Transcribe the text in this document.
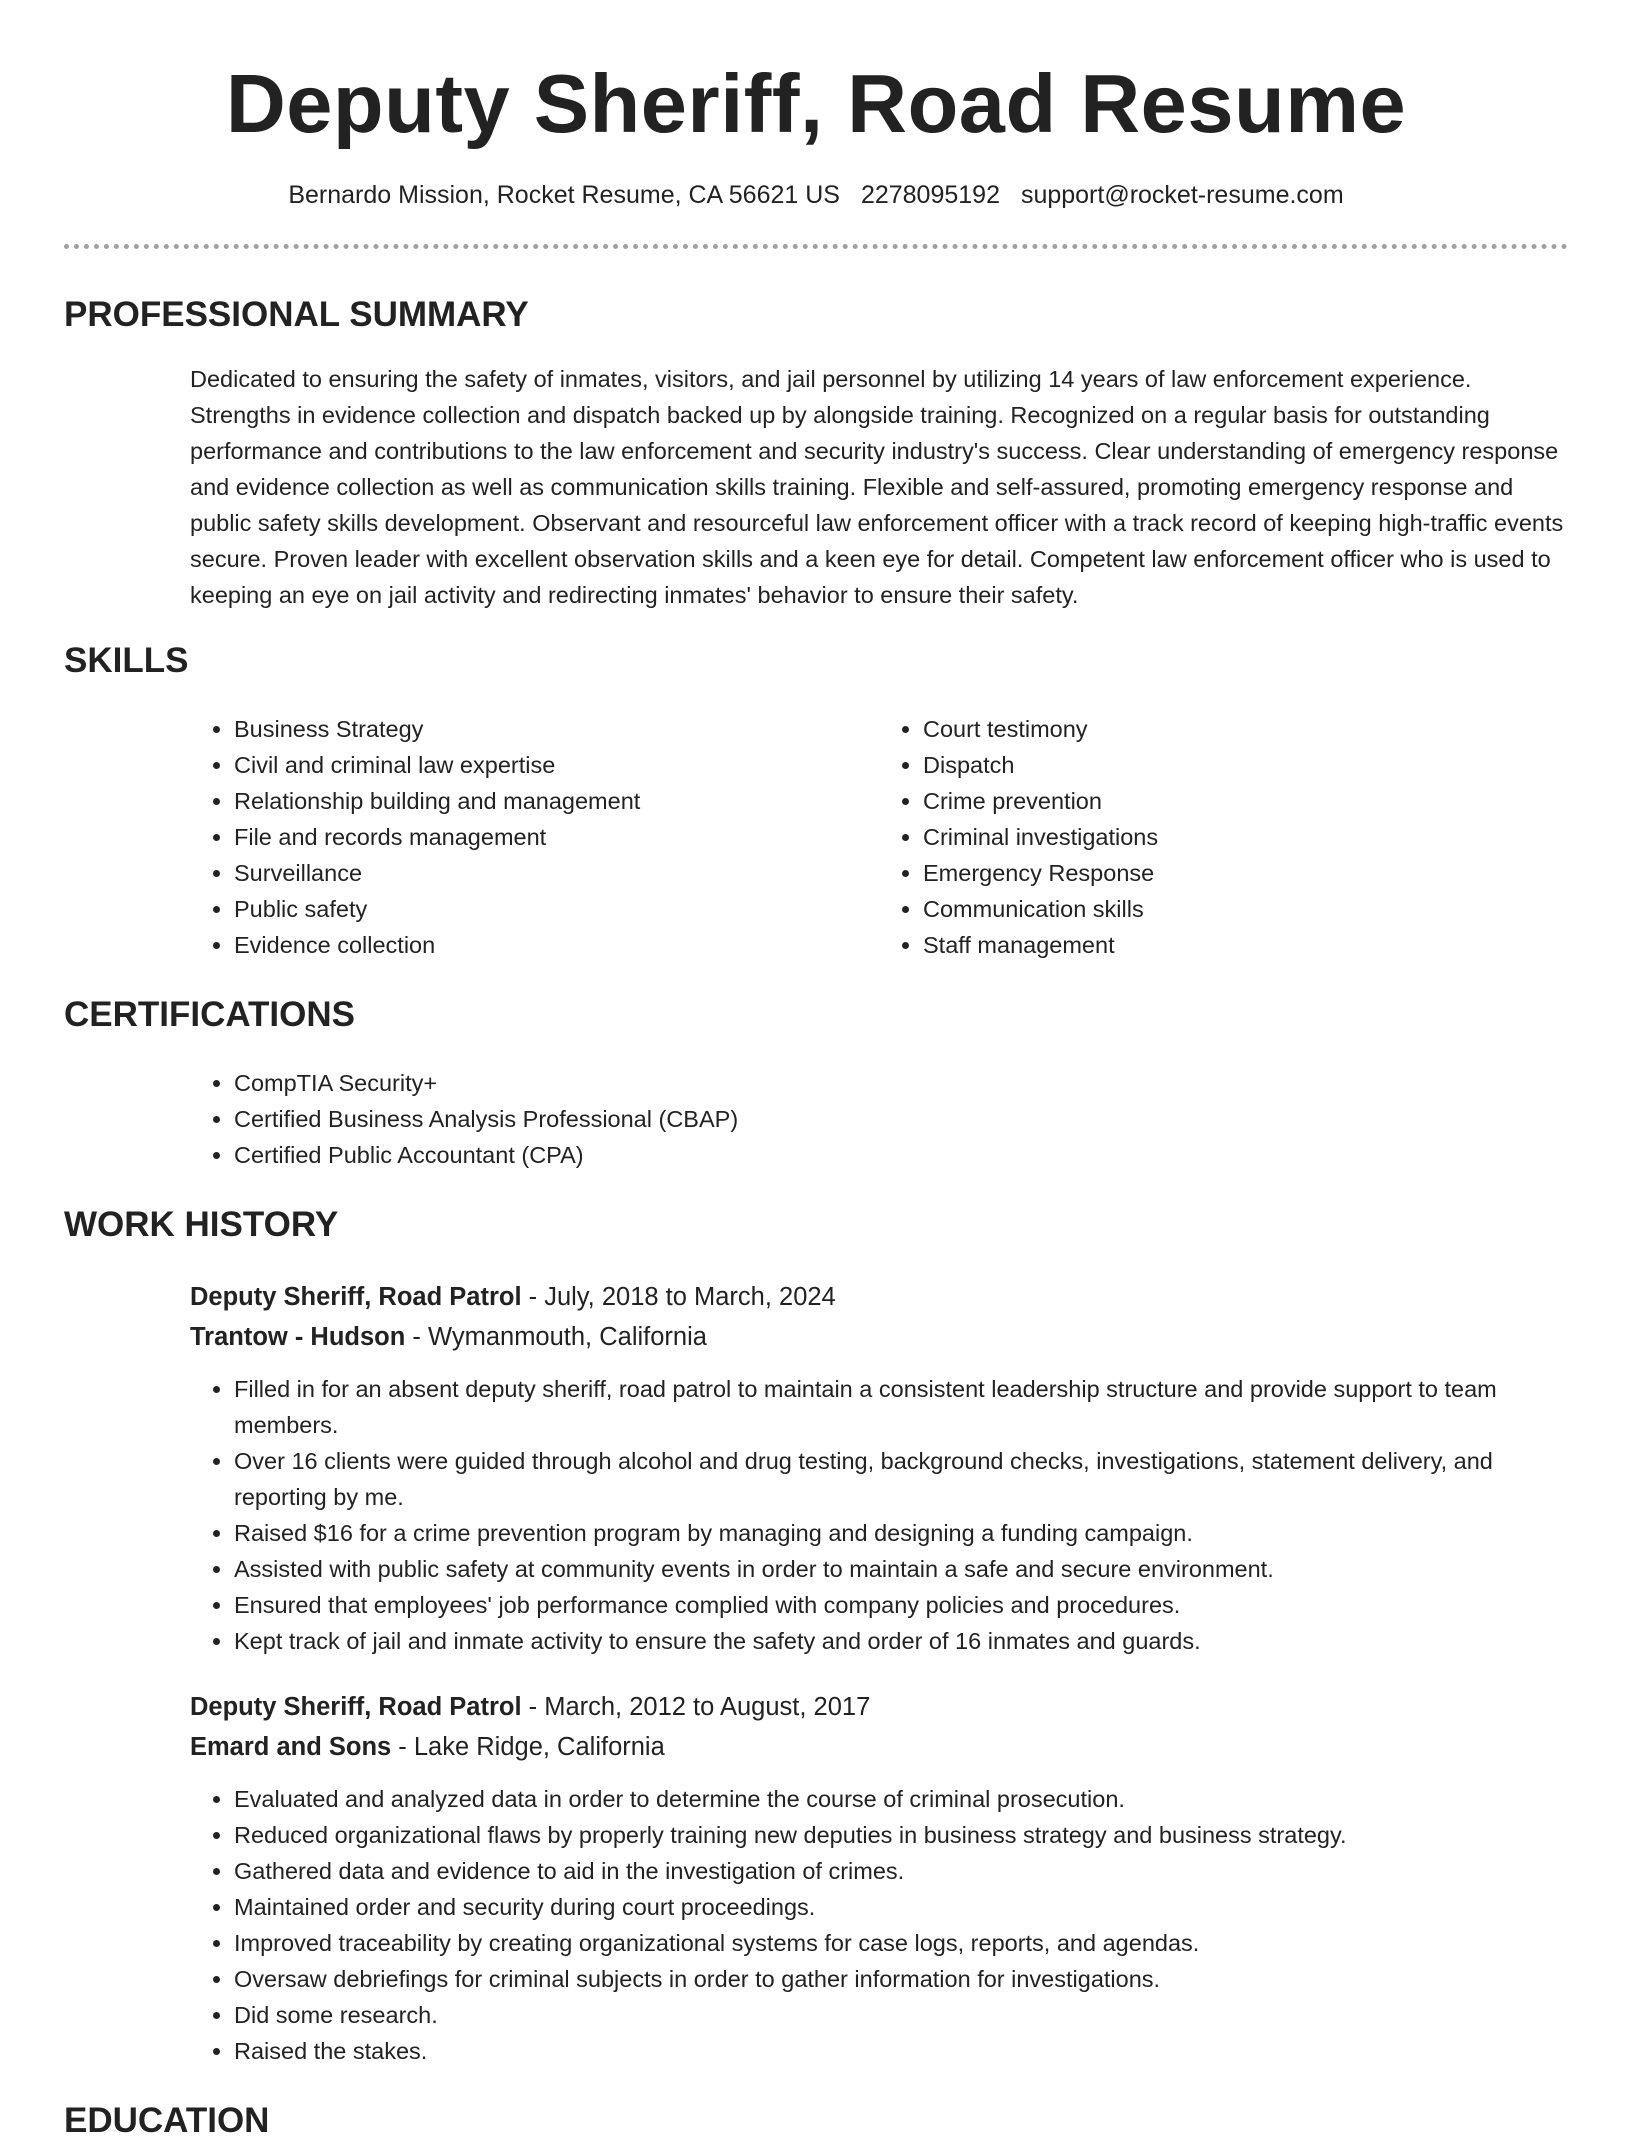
Deputy Sheriff, Road Resume
Bernardo Mission, Rocket Resume, CA 56621 US 2278095192 support@rocket-resume.com
PROFESSIONAL SUMMARY
Dedicated to ensuring the safety of inmates, visitors, and jail personnel by utilizing 14 years of law enforcement experience. Strengths in evidence collection and dispatch backed up by alongside training. Recognized on a regular basis for outstanding performance and contributions to the law enforcement and security industry's success. Clear understanding of emergency response and evidence collection as well as communication skills training. Flexible and self-assured, promoting emergency response and public safety skills development. Observant and resourceful law enforcement officer with a track record of keeping high-traffic events secure. Proven leader with excellent observation skills and a keen eye for detail. Competent law enforcement officer who is used to keeping an eye on jail activity and redirecting inmates' behavior to ensure their safety.
SKILLS
• Business Strategy
• Civil and criminal law expertise
• Relationship building and management
• File and records management
• Surveillance
• Public safety
• Evidence collection
• Court testimony
• Dispatch
• Crime prevention
• Criminal investigations
• Emergency Response
• Communication skills
• Staff management
CERTIFICATIONS
• CompTIA Security+
• Certified Business Analysis Professional (CBAP)
• Certified Public Accountant (CPA)
WORK HISTORY
Deputy Sheriff, Road Patrol - July, 2018 to March, 2024
Trantow - Hudson - Wymanmouth, California
• Filled in for an absent deputy sheriff, road patrol to maintain a consistent leadership structure and provide support to team members.
• Over 16 clients were guided through alcohol and drug testing, background checks, investigations, statement delivery, and reporting by me.
• Raised $16 for a crime prevention program by managing and designing a funding campaign.
• Assisted with public safety at community events in order to maintain a safe and secure environment.
• Ensured that employees' job performance complied with company policies and procedures.
• Kept track of jail and inmate activity to ensure the safety and order of 16 inmates and guards.
Deputy Sheriff, Road Patrol - March, 2012 to August, 2017
Emard and Sons - Lake Ridge, California
• Evaluated and analyzed data in order to determine the course of criminal prosecution.
• Reduced organizational flaws by properly training new deputies in business strategy and business strategy.
• Gathered data and evidence to aid in the investigation of crimes.
• Maintained order and security during court proceedings.
• Improved traceability by creating organizational systems for case logs, reports, and agendas.
• Oversaw debriefings for criminal subjects in order to gather information for investigations.
• Did some research.
• Raised the stakes.
EDUCATION
